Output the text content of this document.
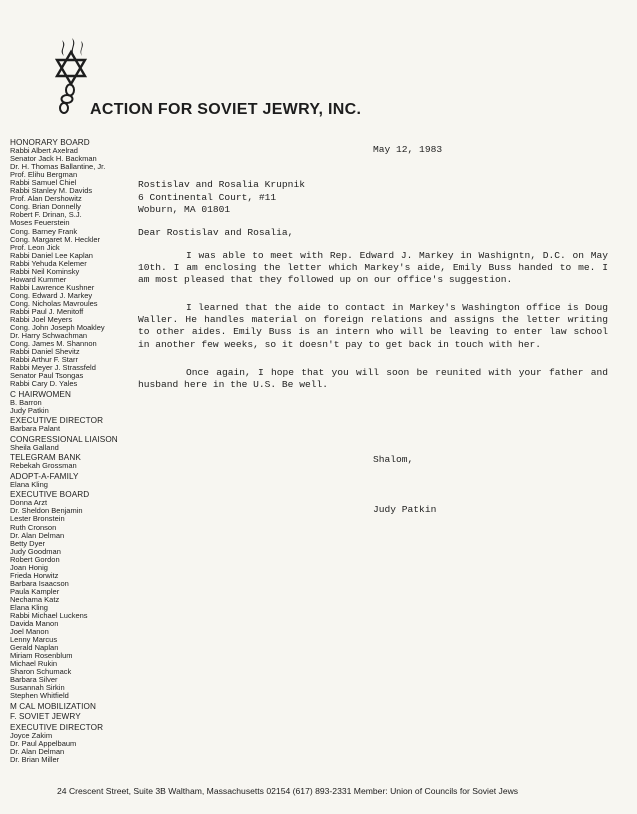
ACTION FOR SOVIET JEWRY, INC.
HONORARY BOARD
Rabbi Albert Axelrad
Senator Jack H. Backman
Dr. H. Thomas Ballantine, Jr.
Prof. Elihu Bergman
Rabbi Samuel Chiel
Rabbi Stanley M. Davids
Prof. Alan Dershowitz
Cong. Brian Donnelly
Robert F. Drinan, S.J.
Moses Feuerstein
Cong. Barney Frank
Cong. Margaret M. Heckler
Prof. Leon Jick
Rabbi Daniel Lee Kaplan
Rabbi Yehuda Kelemer
Rabbi Neil Kominsky
Howard Kummer
Rabbi Lawrence Kushner
Cong. Edward J. Markey
Cong. Nicholas Mavroules
Rabbi Paul J. Menitoff
Rabbi Joel Meyers
Cong. John Joseph Moakley
Dr. Harry Schwachman
Cong. James M. Shannon
Rabbi Daniel Shevitz
Rabbi Arthur F. Starr
Rabbi Meyer J. Strassfeld
Senator Paul Tsongas
Rabbi Cary D. Yales
C HAIRWOMEN
B. Barron
Judy Patkin
EXECUTIVE DIRECTOR
Barbara Palant
CONGRESSIONAL LIAISON
Sheila Galland
TELEGRAM BANK
Rebekah Grossman
ADOPT-A-FAMILY
Elana Kling
EXECUTIVE BOARD
Donna Arzt
Dr. Sheldon Benjamin
Lester Bronstein
Ruth Cronson
Dr. Alan Delman
Betty Dyer
Judy Goodman
Robert Gordon
Joan Honig
Frieda Horwitz
Barbara Isaacson
Paula Kampler
Nechama Katz
Elana Kling
Rabbi Michael Luckens
Davida Manon
Joel Manon
Lenny Marcus
Gerald Naplan
Miriam Rosenblum
Michael Rukin
Sharon Schumack
Barbara Silver
Susannah Sirkin
Stephen Whitfield
M CAL MOBILIZATION
F. SOVIET JEWRY
EXECUTIVE DIRECTOR
Joyce Zakim
Dr. Paul Appelbaum
Dr. Alan Delman
Dr. Brian Miller
May 12, 1983
Rostislav and Rosalia Krupnik
6 Continental Court, #11
Woburn, MA 01801
Dear Rostislav and Rosalia,

I was able to meet with Rep. Edward J. Markey in Washigntn, D.C. on May 10th. I am enclosing the letter which Markey's aide, Emily Buss handed to me. I am most pleased that they followed up on our office's suggestion.

I learned that the aide to contact in Markey's Washington office is Doug Waller. He handles material on foreign relations and assigns the letter writing to other aides. Emily Buss is an intern who will be leaving to enter law school in another few weeks, so it doesn't pay to get back in touch with her.

Once again, I hope that you will soon be reunited with your father and husband here in the U.S. Be well.

Shalom,
Judy Patkin
24 Crescent Street, Suite 3B Waltham, Massachusetts 02154 (617) 893-2331 Member: Union of Councils for Soviet Jews
